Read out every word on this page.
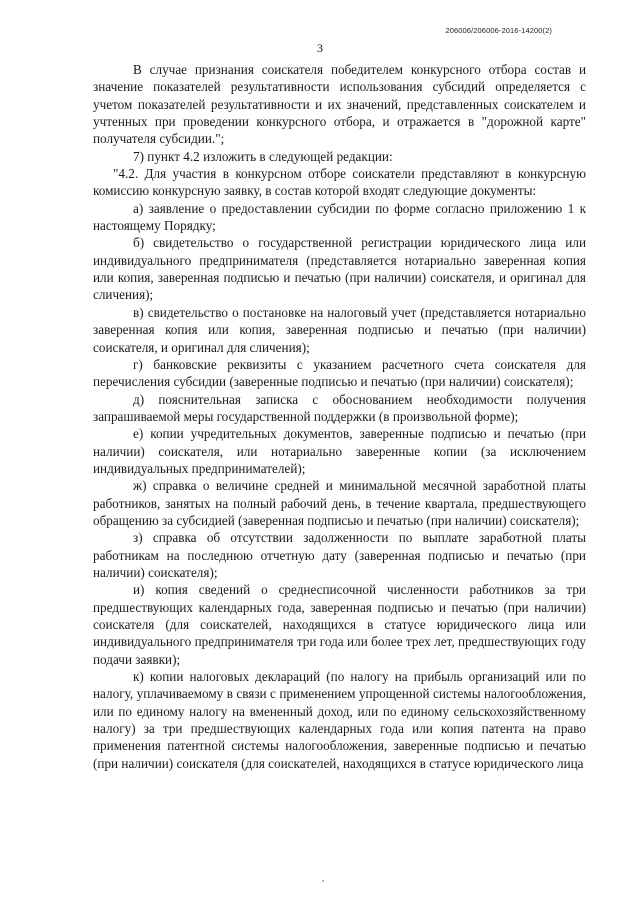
206006/206006-2016-14200(2)
3

В случае признания соискателя победителем конкурсного отбора состав и значение показателей результативности использования субсидий определяется с учетом показателей результативности и их значений, представленных соискателем и учтенных при проведении конкурсного отбора, и отражается в "дорожной карте" получателя субсидии.";

7) пункт 4.2 изложить в следующей редакции:

"4.2. Для участия в конкурсном отборе соискатели представляют в конкурсную комиссию конкурсную заявку, в состав которой входят следующие документы:

а) заявление о предоставлении субсидии по форме согласно приложению 1 к настоящему Порядку;

б) свидетельство о государственной регистрации юридического лица или индивидуального предпринимателя (представляется нотариально заверенная копия или копия, заверенная подписью и печатью (при наличии) соискателя, и оригинал для сличения);

в) свидетельство о постановке на налоговый учет (представляется нотариально заверенная копия или копия, заверенная подписью и печатью (при наличии) соискателя, и оригинал для сличения);

г) банковские реквизиты с указанием расчетного счета соискателя для перечисления субсидии (заверенные подписью и печатью (при наличии) соискателя);

д) пояснительная записка с обоснованием необходимости получения запрашиваемой меры государственной поддержки (в произвольной форме);

е) копии учредительных документов, заверенные подписью и печатью (при наличии) соискателя, или нотариально заверенные копии (за исключением индивидуальных предпринимателей);

ж) справка о величине средней и минимальной месячной заработной платы работников, занятых на полный рабочий день, в течение квартала, предшествующего обращению за субсидией (заверенная подписью и печатью (при наличии) соискателя);

з) справка об отсутствии задолженности по выплате заработной платы работникам на последнюю отчетную дату (заверенная подписью и печатью (при наличии) соискателя);

и) копия сведений о среднесписочной численности работников за три предшествующих календарных года, заверенная подписью и печатью (при наличии) соискателя (для соискателей, находящихся в статусе юридического лица или индивидуального предпринимателя три года или более трех лет, предшествующих году подачи заявки);

к) копии налоговых деклараций (по налогу на прибыль организаций или по налогу, уплачиваемому в связи с применением упрощенной системы налогообложения, или по единому налогу на вмененный доход, или по единому сельскохозяйственному налогу) за три предшествующих календарных года или копия патента на право применения патентной системы налогообложения, заверенные подписью и печатью (при наличии) соискателя (для соискателей, находящихся в статусе юридического лица
